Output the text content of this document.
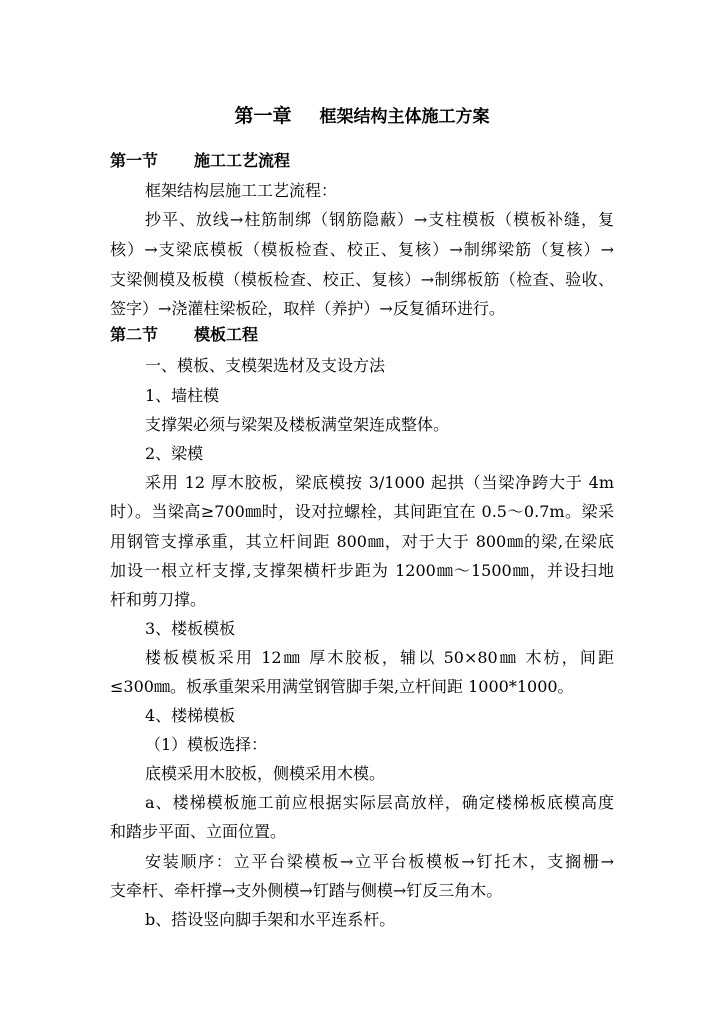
第一章 框架结构主体施工方案
第一节 施工工艺流程
框架结构层施工工艺流程：
抄平、放线→柱筋制绑（钢筋隐蔽）→支柱模板（模板补缝，复
核）→支梁底模板（模板检查、校正、复核）→制绑梁筋（复核）→
支梁侧模及板模（模板检查、校正、复核）→制绑板筋（检查、验收、
签字）→浇灌柱梁板砼，取样（养护）→反复循环进行。
第二节 模板工程
一、模板、支模架选材及支设方法
1、墙柱模
支撑架必须与梁架及楼板满堂架连成整体。
2、梁模
采用 12 厚木胶板，梁底模按 3/1000 起拱（当梁净跨大于 4m
时）。当梁高≥700㎜时，设对拉螺栓，其间距宜在 0.5～0.7m。梁采
用钢管支撑承重，其立杆间距 800㎜，对于大于 800㎜的梁,在梁底
加设一根立杆支撑,支撑架横杆步距为 1200㎜～1500㎜，并设扫地
杆和剪刀撑。
3、楼板模板
楼板模板采用 12㎜ 厚木胶板，辅以 50×80㎜ 木枋，间距
≤300㎜。板承重架采用满堂钢管脚手架,立杆间距 1000*1000。
4、楼梯模板
（1）模板选择：
底模采用木胶板，侧模采用木模。
a、楼梯模板施工前应根据实际层高放样，确定楼梯板底模高度
和踏步平面、立面位置。
安装顺序：立平台梁模板→立平台板模板→钉托木，支搁栅→
支牵杆、牵杆撑→支外侧模→钉踏与侧模→钉反三角木。
b、搭设竖向脚手架和水平连系杆。
